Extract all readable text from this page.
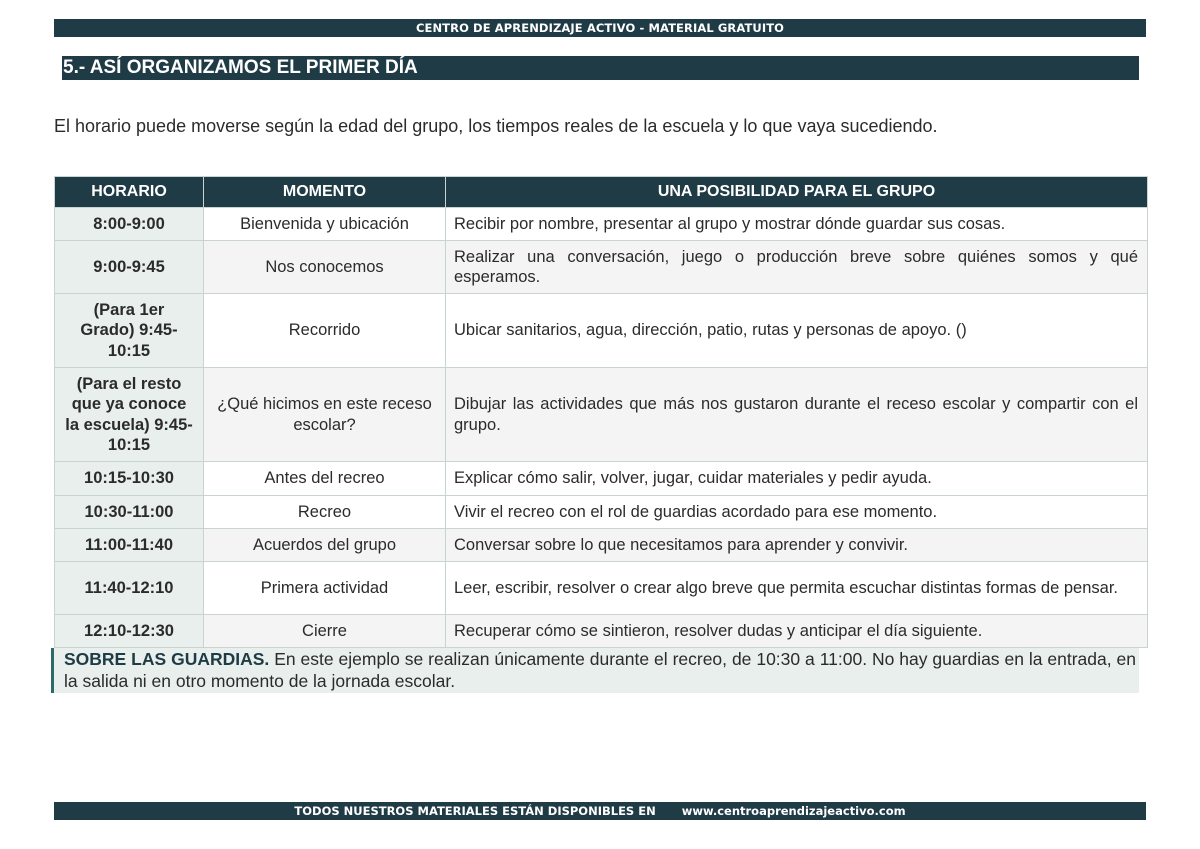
CENTRO DE APRENDIZAJE ACTIVO - MATERIAL GRATUITO
5.- ASÍ ORGANIZAMOS EL PRIMER DÍA
El horario puede moverse según la edad del grupo, los tiempos reales de la escuela y lo que vaya sucediendo.
HORARIO	MOMENTO	UNA POSIBILIDAD PARA EL GRUPO
8:00-9:00	Bienvenida y ubicación	Recibir por nombre, presentar al grupo y mostrar dónde guardar sus cosas.
9:00-9:45	Nos conocemos	Realizar una conversación, juego o producción breve sobre quiénes somos y qué esperamos.
(Para 1er Grado) 9:45-10:15	Recorrido	Ubicar sanitarios, agua, dirección, patio, rutas y personas de apoyo. ()
(Para el resto que ya conoce la escuela) 9:45-10:15	¿Qué hicimos en este receso escolar?	Dibujar las actividades que más nos gustaron durante el receso escolar y compartir con el grupo.
10:15-10:30	Antes del recreo	Explicar cómo salir, volver, jugar, cuidar materiales y pedir ayuda.
10:30-11:00	Recreo	Vivir el recreo con el rol de guardias acordado para ese momento.
11:00-11:40	Acuerdos del grupo	Conversar sobre lo que necesitamos para aprender y convivir.
11:40-12:10	Primera actividad	Leer, escribir, resolver o crear algo breve que permita escuchar distintas formas de pensar.
12:10-12:30	Cierre	Recuperar cómo se sintieron, resolver dudas y anticipar el día siguiente.
SOBRE LAS GUARDIAS. En este ejemplo se realizan únicamente durante el recreo, de 10:30 a 11:00. No hay guardias en la entrada, en la salida ni en otro momento de la jornada escolar.
TODOS NUESTROS MATERIALES ESTÁN DISPONIBLES EN www.centroaprendizajeactivo.com
